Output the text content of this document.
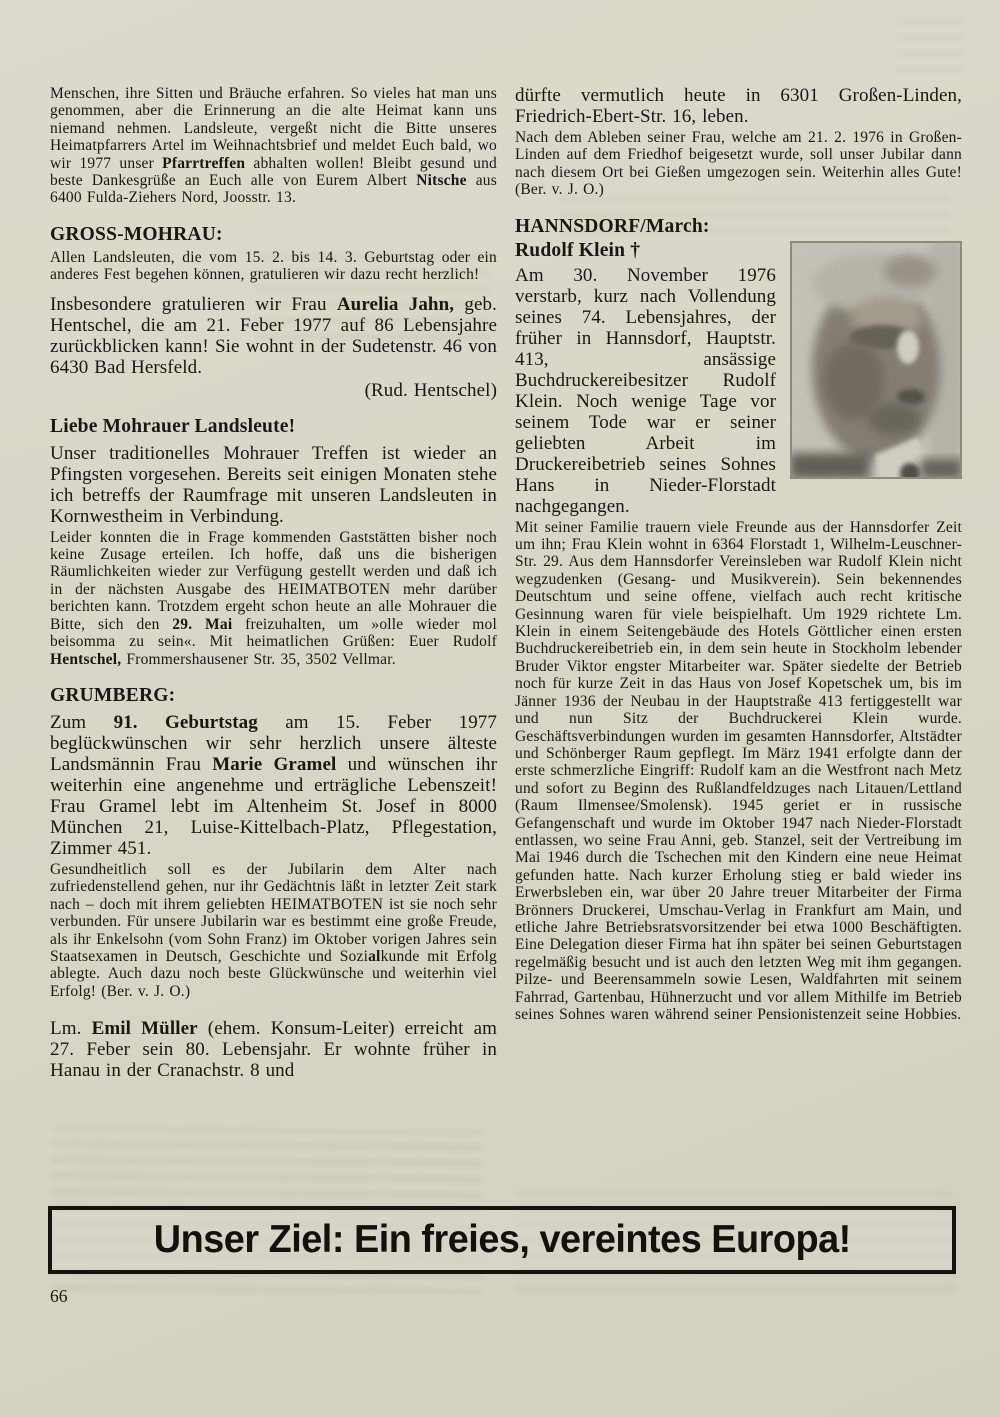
Menschen, ihre Sitten und Bräuche erfahren. So vieles hat man uns genommen, aber die Erinnerung an die alte Heimat kann uns niemand nehmen. Landsleute, vergeßt nicht die Bitte unseres Heimatpfarrers Artel im Weihnachtsbrief und meldet Euch bald, wo wir 1977 unser Pfarrtreffen abhalten wollen! Bleibt gesund und beste Dankesgrüße an Euch alle von Eurem Albert Nitsche aus 6400 Fulda-Ziehers Nord, Joosstr. 13.

GROSS-MOHRAU:

Allen Landsleuten, die vom 15. 2. bis 14. 3. Geburtstag oder ein anderes Fest begehen können, gratulieren wir dazu recht herzlich!

Insbesondere gratulieren wir Frau Aurelia Jahn, geb. Hentschel, die am 21. Feber 1977 auf 86 Lebensjahre zurückblicken kann! Sie wohnt in der Sudetenstr. 46 von 6430 Bad Hersfeld.

(Rud. Hentschel)

Liebe Mohrauer Landsleute!

Unser traditionelles Mohrauer Treffen ist wieder an Pfingsten vorgesehen. Bereits seit einigen Monaten stehe ich betreffs der Raumfrage mit unseren Landsleuten in Kornwestheim in Verbindung.

Leider konnten die in Frage kommenden Gaststätten bisher noch keine Zusage erteilen. Ich hoffe, daß uns die bisherigen Räumlichkeiten wieder zur Verfügung gestellt werden und daß ich in der nächsten Ausgabe des HEIMATBOTEN mehr darüber berichten kann. Trotzdem ergeht schon heute an alle Mohrauer die Bitte, sich den 29. Mai freizuhalten, um »olle wieder mol beisomma zu sein«. Mit heimatlichen Grüßen: Euer Rudolf Hentschel, Frommershausener Str. 35, 3502 Vellmar.

GRUMBERG:

Zum 91. Geburtstag am 15. Feber 1977 beglückwünschen wir sehr herzlich unsere älteste Landsmännin Frau Marie Gramel und wünschen ihr weiterhin eine angenehme und erträgliche Lebenszeit! Frau Gramel lebt im Altenheim St. Josef in 8000 München 21, Luise-Kittelbach-Platz, Pflegestation, Zimmer 451.

Gesundheitlich soll es der Jubilarin dem Alter nach zufriedenstellend gehen, nur ihr Gedächtnis läßt in letzter Zeit stark nach – doch mit ihrem geliebten HEIMATBOTEN ist sie noch sehr verbunden. Für unsere Jubilarin war es bestimmt eine große Freude, als ihr Enkelsohn (vom Sohn Franz) im Oktober vorigen Jahres sein Staatsexamen in Deutsch, Geschichte und Sozialkunde mit Erfolg ablegte. Auch dazu noch beste Glückwünsche und weiterhin viel Erfolg! (Ber. v. J. O.)

Lm. Emil Müller (ehem. Konsum-Leiter) erreicht am 27. Feber sein 80. Lebensjahr. Er wohnte früher in Hanau in der Cranachstr. 8 und

dürfte vermutlich heute in 6301 Großen-Linden, Friedrich-Ebert-Str. 16, leben.

Nach dem Ableben seiner Frau, welche am 21. 2. 1976 in Großen-Linden auf dem Friedhof beigesetzt wurde, soll unser Jubilar dann nach diesem Ort bei Gießen umgezogen sein. Weiterhin alles Gute! (Ber. v. J. O.)

HANNSDORF/March:
Rudolf Klein †

Am 30. November 1976 verstarb, kurz nach Vollendung seines 74. Lebensjahres, der früher in Hannsdorf, Hauptstr. 413, ansässige Buchdruckereibesitzer Rudolf Klein. Noch wenige Tage vor seinem Tode war er seiner geliebten Arbeit im Druckereibetrieb seines Sohnes Hans in Nieder-Florstadt nachgegangen.

Mit seiner Familie trauern viele Freunde aus der Hannsdorfer Zeit um ihn; Frau Klein wohnt in 6364 Florstadt 1, Wilhelm-Leuschner-Str. 29. Aus dem Hannsdorfer Vereinsleben war Rudolf Klein nicht wegzudenken (Gesang- und Musikverein). Sein bekennendes Deutschtum und seine offene, vielfach auch recht kritische Gesinnung waren für viele beispielhaft. Um 1929 richtete Lm. Klein in einem Seitengebäude des Hotels Göttlicher einen ersten Buchdruckereibetrieb ein, in dem sein heute in Stockholm lebender Bruder Viktor engster Mitarbeiter war. Später siedelte der Betrieb noch für kurze Zeit in das Haus von Josef Kopetschek um, bis im Jänner 1936 der Neubau in der Hauptstraße 413 fertiggestellt war und nun Sitz der Buchdruckerei Klein wurde. Geschäftsverbindungen wurden im gesamten Hannsdorfer, Altstädter und Schönberger Raum gepflegt. Im März 1941 erfolgte dann der erste schmerzliche Eingriff: Rudolf kam an die Westfront nach Metz und sofort zu Beginn des Rußlandfeldzuges nach Litauen/Lettland (Raum Ilmensee/Smolensk). 1945 geriet er in russische Gefangenschaft und wurde im Oktober 1947 nach Nieder-Florstadt entlassen, wo seine Frau Anni, geb. Stanzel, seit der Vertreibung im Mai 1946 durch die Tschechen mit den Kindern eine neue Heimat gefunden hatte. Nach kurzer Erholung stieg er bald wieder ins Erwerbsleben ein, war über 20 Jahre treuer Mitarbeiter der Firma Brönners Druckerei, Umschau-Verlag in Frankfurt am Main, und etliche Jahre Betriebsratsvorsitzender bei etwa 1000 Beschäftigten. Eine Delegation dieser Firma hat ihn später bei seinen Geburtstagen regelmäßig besucht und ist auch den letzten Weg mit ihm gegangen. Pilze- und Beerensammeln sowie Lesen, Waldfahrten mit seinem Fahrrad, Gartenbau, Hühnerzucht und vor allem Mithilfe im Betrieb seines Sohnes waren während seiner Pensionistenzeit seine Hobbies.

Unser Ziel: Ein freies, vereintes Europa!
66
